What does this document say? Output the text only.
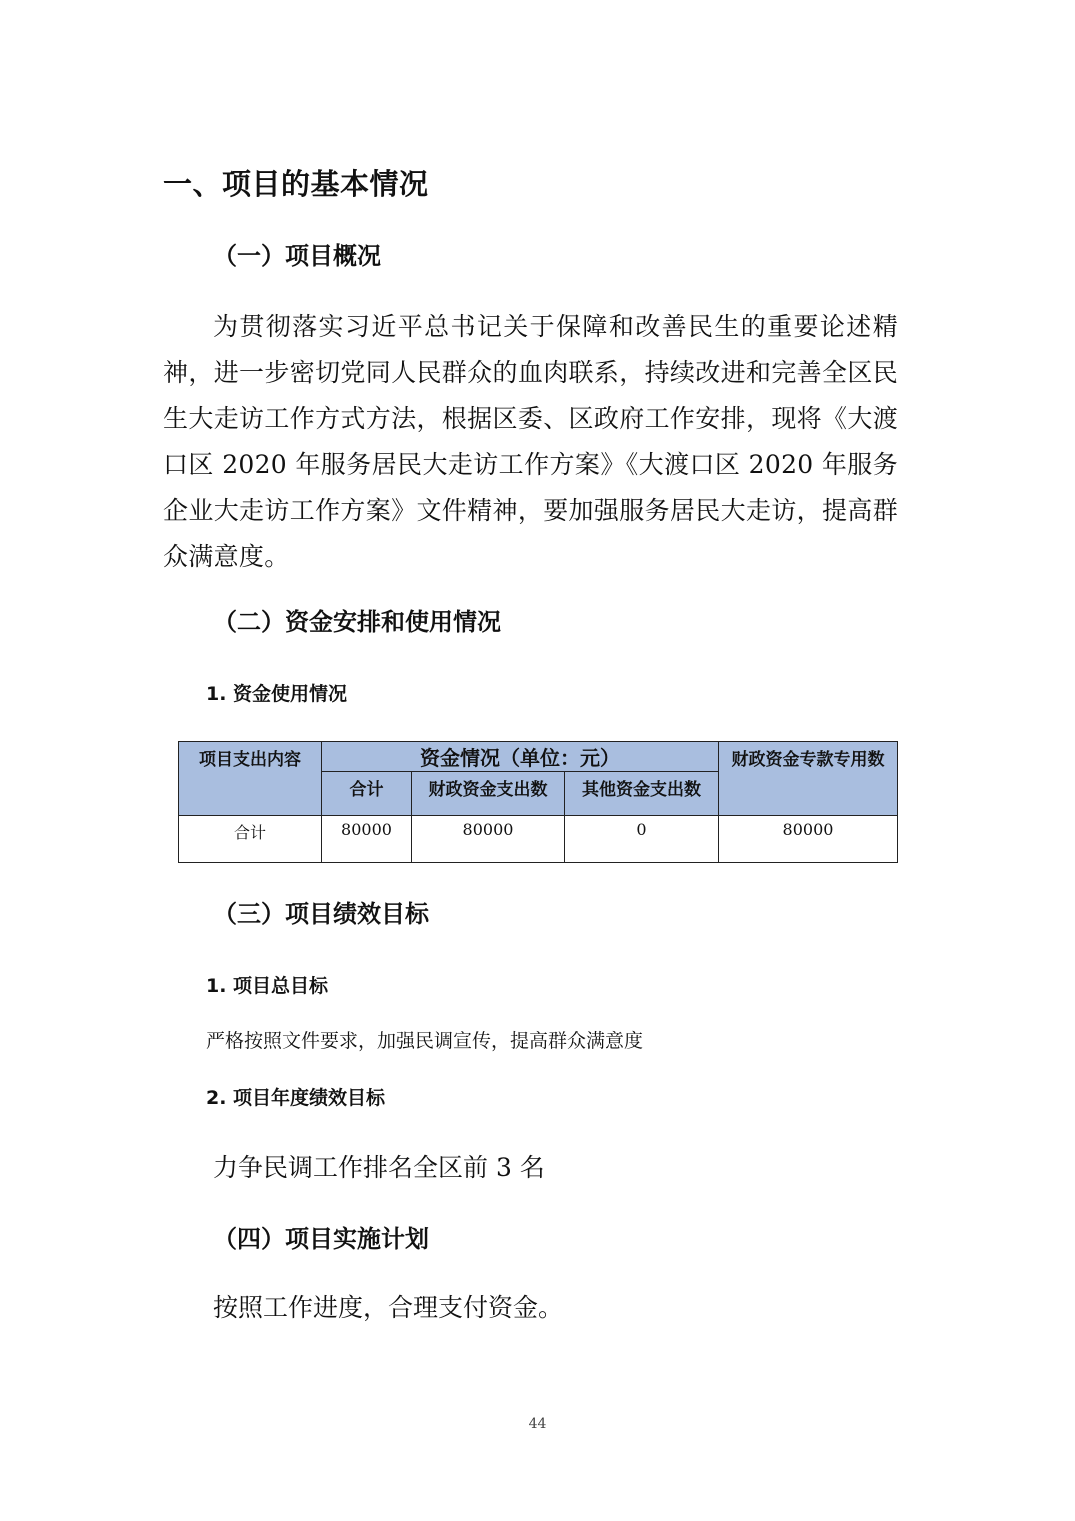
一、项目的基本情况
（一）项目概况
为贯彻落实习近平总书记关于保障和改善民生的重要论述精神，进一步密切党同人民群众的血肉联系，持续改进和完善全区民生大走访工作方式方法，根据区委、区政府工作安排，现将《大渡口区 2020 年服务居民大走访工作方案》《大渡口区 2020 年服务企业大走访工作方案》文件精神，要加强服务居民大走访，提高群众满意度。
（二）资金安排和使用情况
1. 资金使用情况
项目支出内容	资金情况（单位：元）			财政资金专款专用数
	合计	财政资金支出数	其他资金支出数	
合计	80000	80000	0	80000
（三）项目绩效目标
1. 项目总目标
严格按照文件要求，加强民调宣传，提高群众满意度
2. 项目年度绩效目标
力争民调工作排名全区前 3 名
（四）项目实施计划
按照工作进度，合理支付资金。
44
